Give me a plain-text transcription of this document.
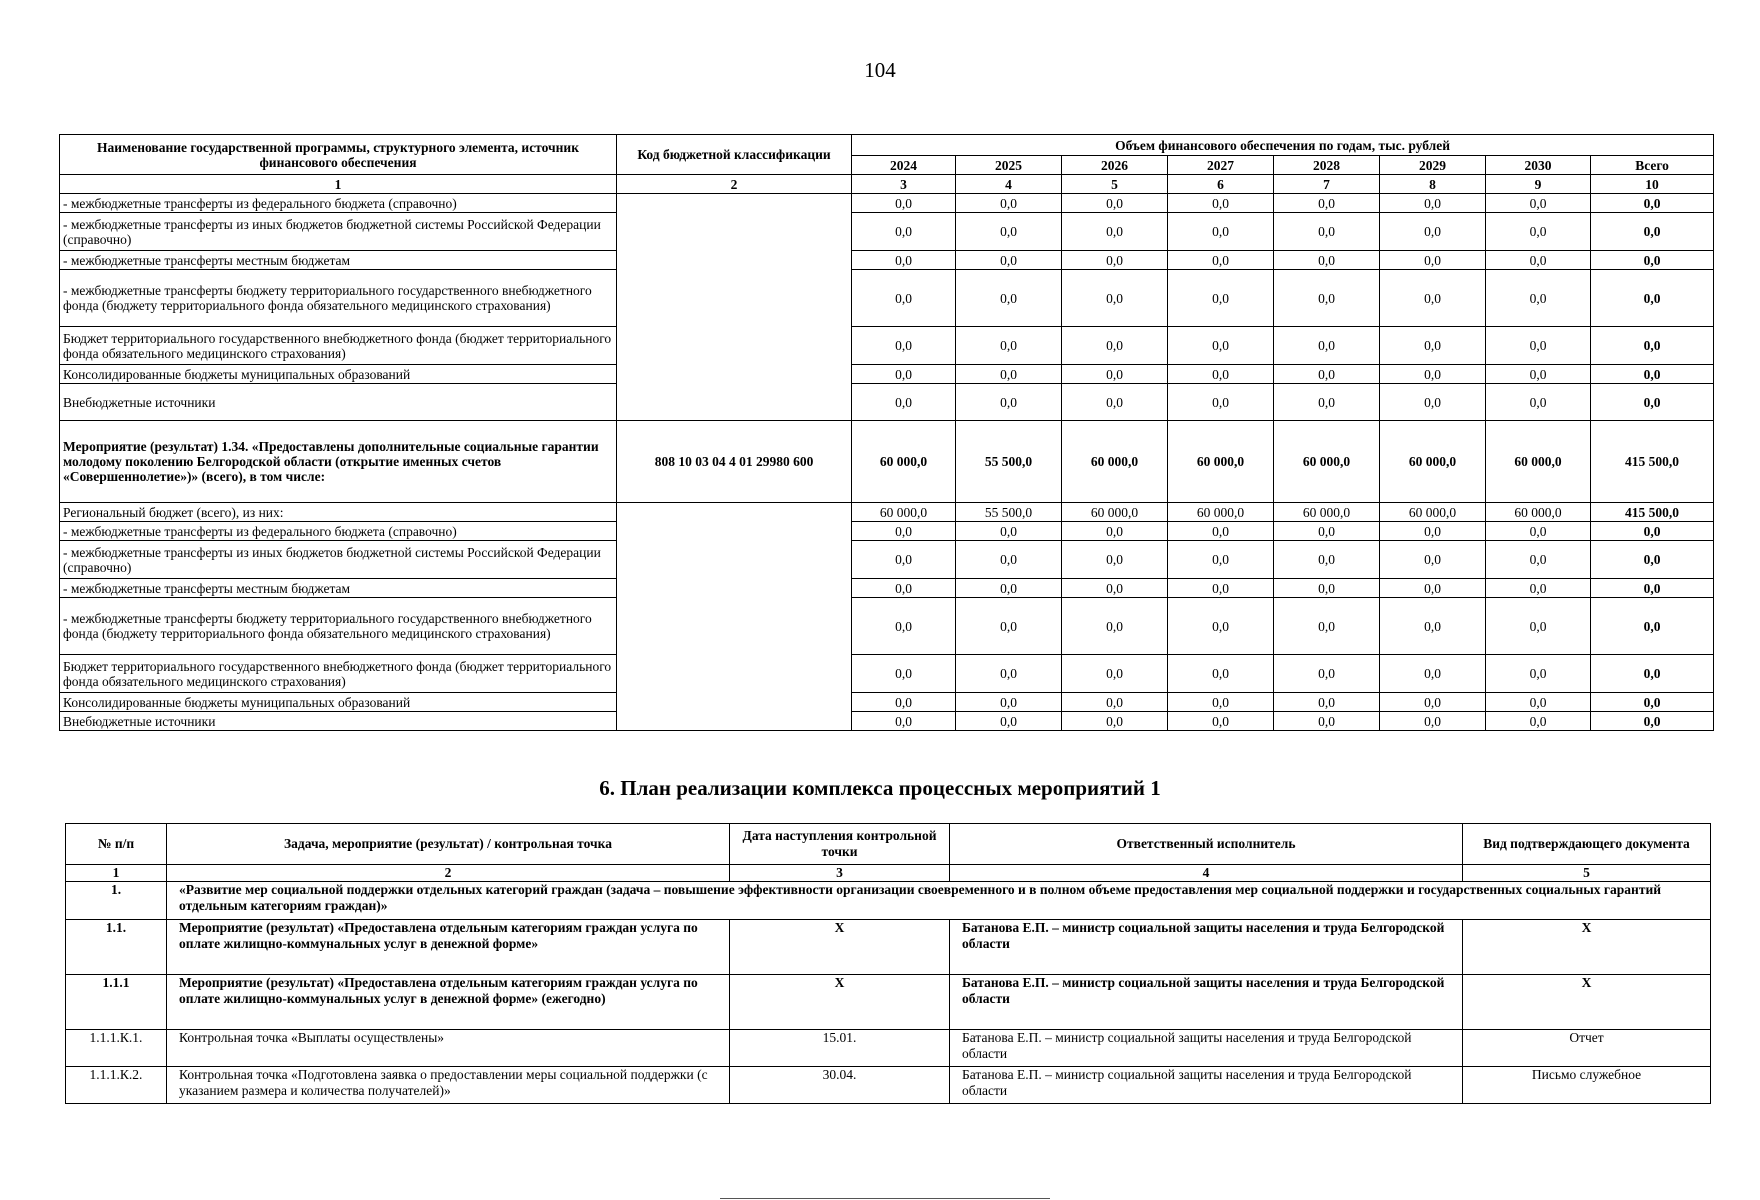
104
Наименование государственной программы, структурного элемента, источник финансового обеспечения	Код бюджетной классификации	Объем финансового обеспечения по годам, тыс. рублей							
		2024	2025	2026	2027	2028	2029	2030	Всего
1	2	3	4	5	6	7	8	9	10
- межбюджетные трансферты из федерального бюджета (справочно)		0,0	0,0	0,0	0,0	0,0	0,0	0,0	0,0
- межбюджетные трансферты из иных бюджетов бюджетной системы Российской Федерации (справочно)		0,0	0,0	0,0	0,0	0,0	0,0	0,0	0,0
- межбюджетные трансферты местным бюджетам		0,0	0,0	0,0	0,0	0,0	0,0	0,0	0,0
- межбюджетные трансферты бюджету территориального государственного внебюджетного фонда (бюджету территориального фонда обязательного медицинского страхования)		0,0	0,0	0,0	0,0	0,0	0,0	0,0	0,0
Бюджет территориального государственного внебюджетного фонда (бюджет территориального фонда обязательного медицинского страхования)		0,0	0,0	0,0	0,0	0,0	0,0	0,0	0,0
Консолидированные бюджеты муниципальных образований		0,0	0,0	0,0	0,0	0,0	0,0	0,0	0,0
Внебюджетные источники		0,0	0,0	0,0	0,0	0,0	0,0	0,0	0,0
Мероприятие (результат) 1.34. «Предоставлены дополнительные социальные гарантии молодому поколению Белгородской области (открытие именных счетов «Совершеннолетие»)» (всего), в том числе:	808 10 03 04 4 01 29980 600	60 000,0	55 500,0	60 000,0	60 000,0	60 000,0	60 000,0	60 000,0	415 500,0
Региональный бюджет (всего), из них:		60 000,0	55 500,0	60 000,0	60 000,0	60 000,0	60 000,0	60 000,0	415 500,0
- межбюджетные трансферты из федерального бюджета (справочно)		0,0	0,0	0,0	0,0	0,0	0,0	0,0	0,0
- межбюджетные трансферты из иных бюджетов бюджетной системы Российской Федерации (справочно)		0,0	0,0	0,0	0,0	0,0	0,0	0,0	0,0
- межбюджетные трансферты местным бюджетам		0,0	0,0	0,0	0,0	0,0	0,0	0,0	0,0
- межбюджетные трансферты бюджету территориального государственного внебюджетного фонда (бюджету территориального фонда обязательного медицинского страхования)		0,0	0,0	0,0	0,0	0,0	0,0	0,0	0,0
Бюджет территориального государственного внебюджетного фонда (бюджет территориального фонда обязательного медицинского страхования)		0,0	0,0	0,0	0,0	0,0	0,0	0,0	0,0
Консолидированные бюджеты муниципальных образований		0,0	0,0	0,0	0,0	0,0	0,0	0,0	0,0
Внебюджетные источники		0,0	0,0	0,0	0,0	0,0	0,0	0,0	0,0
6. План реализации комплекса процессных мероприятий 1
№ п/п	Задача, мероприятие (результат) / контрольная точка	Дата наступления контрольной точки	Ответственный исполнитель	Вид подтверждающего документа
1	2	3	4	5
1.	«Развитие мер социальной поддержки отдельных категорий граждан (задача – повышение эффективности организации своевременного и в полном объеме предоставления мер социальной поддержки и государственных социальных гарантий отдельным категориям граждан)»			
1.1.	Мероприятие (результат) «Предоставлена отдельным категориям граждан услуга по оплате жилищно-коммунальных услуг в денежной форме»	X	Батанова Е.П. – министр социальной защиты населения и труда Белгородской области	X
1.1.1	Мероприятие (результат) «Предоставлена отдельным категориям граждан услуга по оплате жилищно-коммунальных услуг в денежной форме» (ежегодно)	X	Батанова Е.П. – министр социальной защиты населения и труда Белгородской области	X
1.1.1.К.1.	Контрольная точка «Выплаты осуществлены»	15.01.	Батанова Е.П. – министр социальной защиты населения и труда Белгородской области	Отчет
1.1.1.К.2.	Контрольная точка «Подготовлена заявка о предоставлении меры социальной поддержки (с указанием размера и количества получателей)»	30.04.	Батанова Е.П. – министр социальной защиты населения и труда Белгородской области	Письмо служебное
